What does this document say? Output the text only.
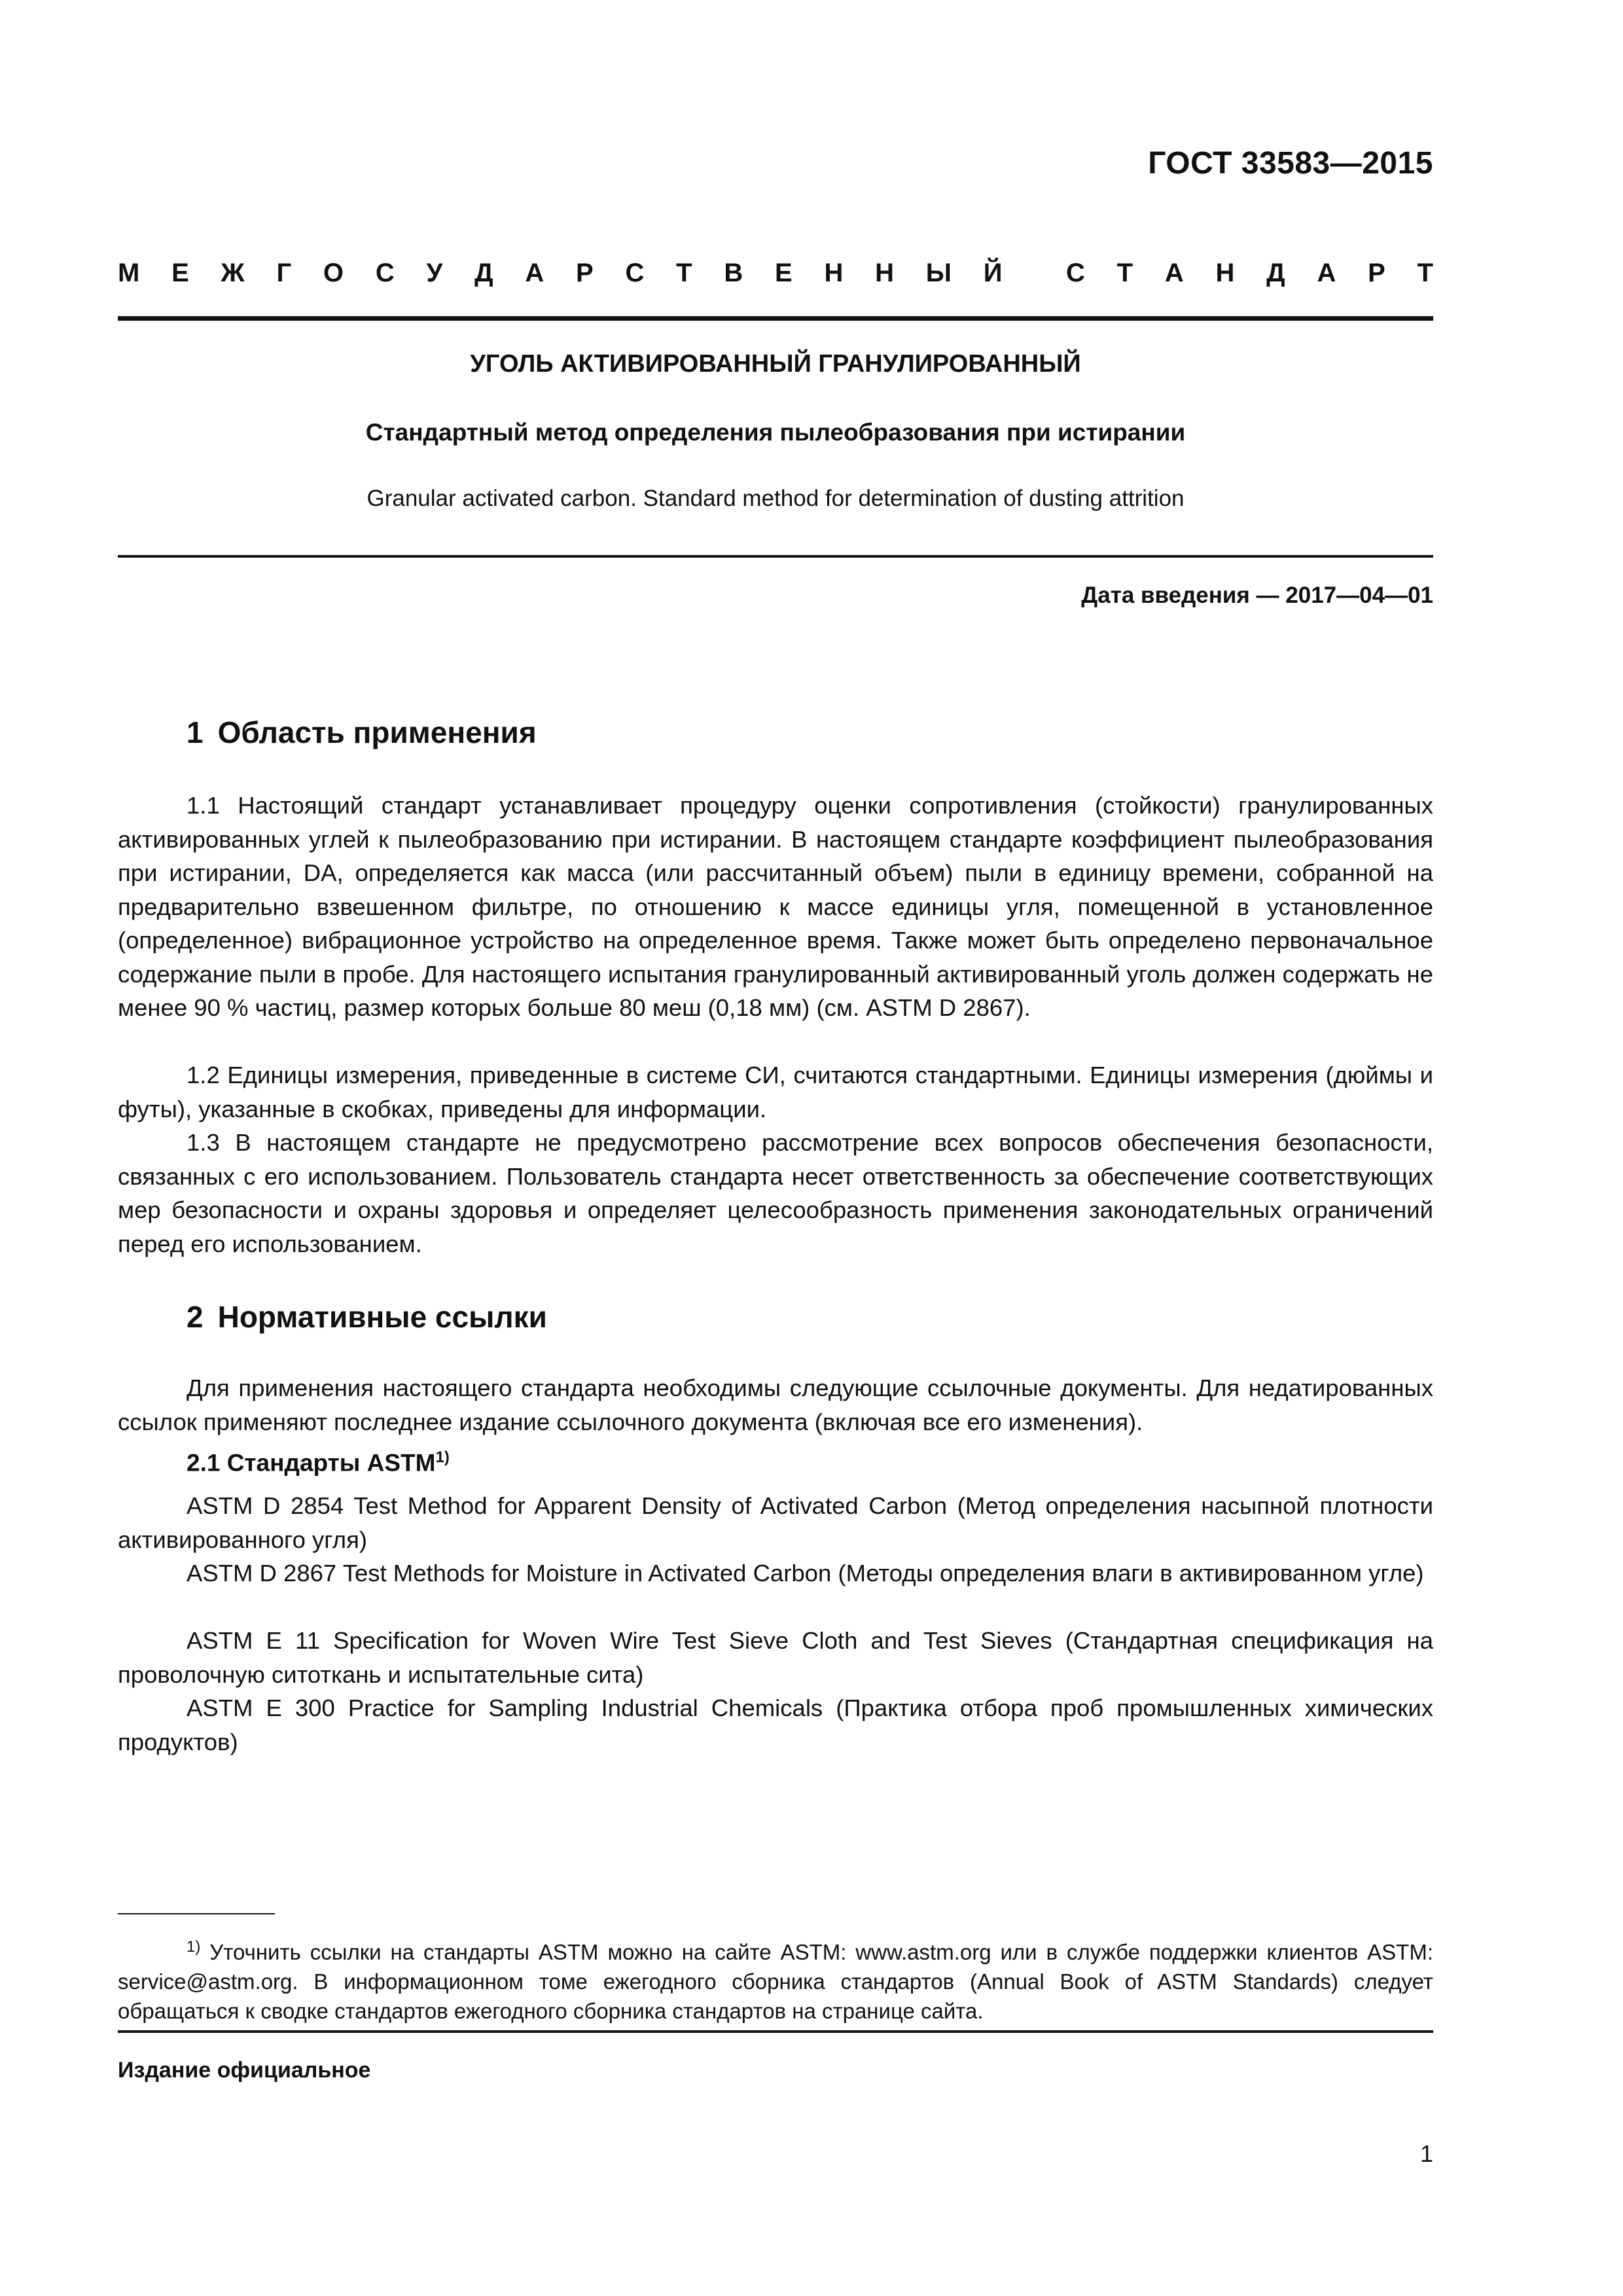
ГОСТ 33583—2015
М Е Ж Г О С У Д А Р С Т В Е Н Н Ы Й С Т А Н Д А Р Т
УГОЛЬ АКТИВИРОВАННЫЙ ГРАНУЛИРОВАННЫЙ
Стандартный метод определения пылеобразования при истирании
Granular activated carbon. Standard method for determination of dusting attrition
Дата введения — 2017—04—01
1 Область применения
1.1 Настоящий стандарт устанавливает процедуру оценки сопротивления (стойкости) гранулированных активированных углей к пылеобразованию при истирании. В настоящем стандарте коэффициент пылеобразования при истирании, DA, определяется как масса (или рассчитанный объем) пыли в единицу времени, собранной на предварительно взвешенном фильтре, по отношению к массе единицы угля, помещенной в установленное (определенное) вибрационное устройство на определенное время. Также может быть определено первоначальное содержание пыли в пробе. Для настоящего испытания гранулированный активированный уголь должен содержать не менее 90 % частиц, размер которых больше 80 меш (0,18 мм) (см. ASTM D 2867).
1.2 Единицы измерения, приведенные в системе СИ, считаются стандартными. Единицы измерения (дюймы и футы), указанные в скобках, приведены для информации.
1.3 В настоящем стандарте не предусмотрено рассмотрение всех вопросов обеспечения безопасности, связанных с его использованием. Пользователь стандарта несет ответственность за обеспечение соответствующих мер безопасности и охраны здоровья и определяет целесообразность применения законодательных ограничений перед его использованием.
2 Нормативные ссылки
Для применения настоящего стандарта необходимы следующие ссылочные документы. Для недатированных ссылок применяют последнее издание ссылочного документа (включая все его изменения).
2.1 Стандарты ASTM$^{1)}$
ASTM D 2854 Test Method for Apparent Density of Activated Carbon (Метод определения насыпной плотности активированного угля)
ASTM D 2867 Test Methods for Moisture in Activated Carbon (Методы определения влаги в активированном угле)
ASTM E 11 Specification for Woven Wire Test Sieve Cloth and Test Sieves (Стандартная спецификация на проволочную ситоткань и испытательные сита)
ASTM E 300 Practice for Sampling Industrial Chemicals (Практика отбора проб промышленных химических продуктов)
$^{1)}$ Уточнить ссылки на стандарты ASTM можно на сайте ASTM: www.astm.org или в службе поддержки клиентов ASTM: service@astm.org. В информационном томе ежегодного сборника стандартов (Annual Book of ASTM Standards) следует обращаться к сводке стандартов ежегодного сборника стандартов на странице сайта.
Издание официальное
1
